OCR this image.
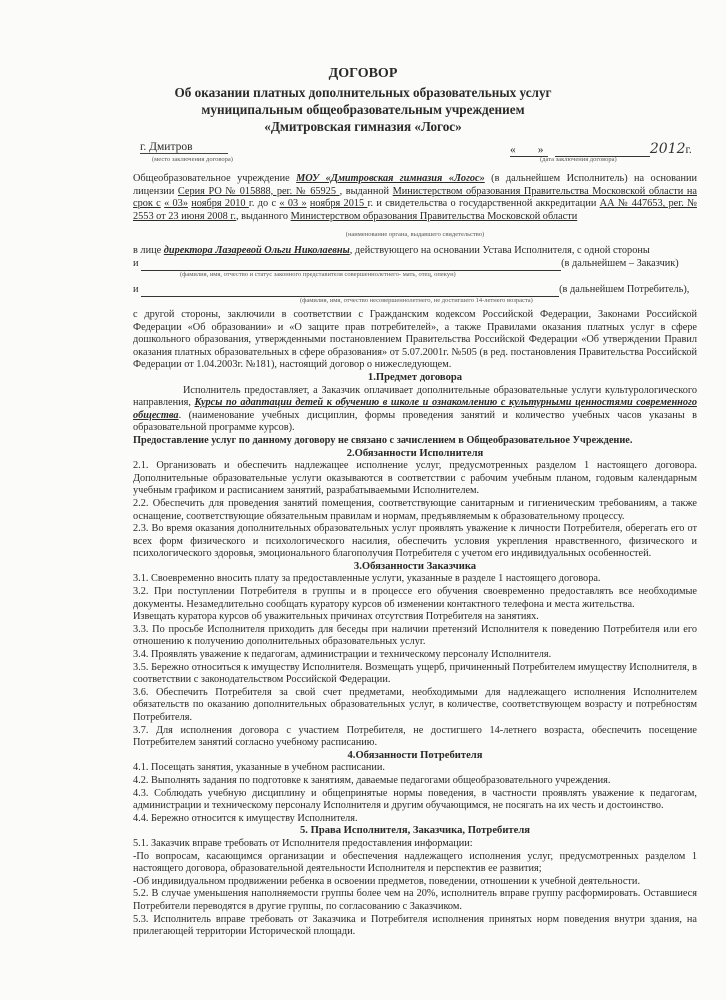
ДОГОВОР
Об оказании платных дополнительных образовательных услуг
муниципальным общеобразовательным учреждением
«Дмитровская гимназия «Логос»
г. Дмитров
(место заключения договора)
« »	2012г.
(дата заключения договора)

Общеобразовательное учреждение МОУ «Дмитровская гимназия «Логос» (в дальнейшем Исполнитель) на основании лицензии Серия РО № 015888, рег. № 65925 , выданной Министерством образования Правительства Московской области на срок с « 03» ноября 2010 г. до с « 03 » ноября 2015 г. и свидетельства о государственной аккредитации АА № 447653, рег. № 2553 от 23 июня 2008 г., выданного Министерством образования Правительства Московской области

(наименование органа, выдавшего свидетельство)
в лице директора Лазаревой Ольги Николаевны, действующего на основании Устава Исполнителя, с одной стороны
и	(в дальнейшем – Заказчик)
(фамилия, имя, отчество и статус законного представителя совершеннолетнего- мать, отец, опекун)
и	(в дальнейшем Потребитель),
(фамилия, имя, отчество несовершеннолетнего, не достигшего 14-летнего возраста)

с другой стороны, заключили в соответствии с Гражданским кодексом Российской Федерации, Законами Российской Федерации «Об образовании» и «О защите прав потребителей», а также Правилами оказания платных услуг в сфере дошкольного образования, утвержденными постановлением Правительства Российской Федерации «Об утверждении Правил оказания платных образовательных в сфере образования» от 5.07.2001г. №505 (в ред. постановления Правительства Российской Федерации от 1.04.2003г. №181), настоящий договор о нижеследующем.

1.Предмет договора

Исполнитель предоставляет, а Заказчик оплачивает дополнительные образовательные услуги культурологического направления, Курсы по адаптации детей к обучению в школе и ознакомлению с культурными ценностями современного общества. (наименование учебных дисциплин, формы проведения занятий и количество учебных часов указаны в образовательной программе курсов).

Предоставление услуг по данному договору не связано с зачислением в Общеобразовательное Учреждение.

2.Обязанности Исполнителя

2.1. Организовать и обеспечить надлежащее исполнение услуг, предусмотренных разделом 1 настоящего договора. Дополнительные образовательные услуги оказываются в соответствии с рабочим учебным планом, годовым календарным учебным графиком и расписанием занятий, разрабатываемыми Исполнителем.

2.2. Обеспечить для проведения занятий помещения, соответствующие санитарным и гигиеническим требованиям, а также оснащение, соответствующие обязательным правилам и нормам, предъявляемым к образовательному процессу.

2.3. Во время оказания дополнительных образовательных услуг проявлять уважение к личности Потребителя, оберегать его от всех форм физического и психологического насилия, обеспечить условия укрепления нравственного, физического и психологического здоровья, эмоционального благополучия Потребителя с учетом его индивидуальных особенностей.

3.Обязанности Заказчика

3.1. Своевременно вносить плату за предоставленные услуги, указанные в разделе 1 настоящего договора.

3.2. При поступлении Потребителя в группы и в процессе его обучения своевременно предоставлять все необходимые документы. Незамедлительно сообщать куратору курсов об изменении контактного телефона и места жительства.

Извещать куратора курсов об уважительных причинах отсутствия Потребителя на занятиях.

3.3. По просьбе Исполнителя приходить для беседы при наличии претензий Исполнителя к поведению Потребителя или его отношению к получению дополнительных образовательных услуг.

3.4. Проявлять уважение к педагогам, администрации и техническому персоналу Исполнителя.

3.5. Бережно относиться к имуществу Исполнителя. Возмещать ущерб, причиненный Потребителем имуществу Исполнителя, в соответствии с законодательством Российской Федерации.

3.6. Обеспечить Потребителя за свой счет предметами, необходимыми для надлежащего исполнения Исполнителем обязательств по оказанию дополнительных образовательных услуг, в количестве, соответствующем возрасту и потребностям Потребителя.

3.7. Для исполнения договора с участием Потребителя, не достигшего 14-летнего возраста, обеспечить посещение Потребителем занятий согласно учебному расписанию.

4.Обязанности Потребителя

4.1. Посещать занятия, указанные в учебном расписании.

4.2. Выполнять задания по подготовке к занятиям, даваемые педагогами общеобразовательного учреждения.

4.3. Соблюдать учебную дисциплину и общепринятые нормы поведения, в частности проявлять уважение к педагогам, администрации и техническому персоналу Исполнителя и другим обучающимся, не посягать на их честь и достоинство.

4.4. Бережно относится к имуществу Исполнителя.

5. Права Исполнителя, Заказчика, Потребителя

5.1. Заказчик вправе требовать от Исполнителя предоставления информации:

-По вопросам, касающимся организации и обеспечения надлежащего исполнения услуг, предусмотренных разделом 1 настоящего договора, образовательной деятельности Исполнителя и перспектив ее развития;

-Об индивидуальном продвижении ребенка в освоении предметов, поведении, отношении к учебной деятельности.

5.2. В случае уменьшения наполняемости группы более чем на 20%, исполнитель вправе группу расформировать. Оставшиеся Потребители переводятся в другие группы, по согласованию с Заказчиком.

5.3. Исполнитель вправе требовать от Заказчика и Потребителя исполнения принятых норм поведения внутри здания, на прилегающей территории Исторической площади.
